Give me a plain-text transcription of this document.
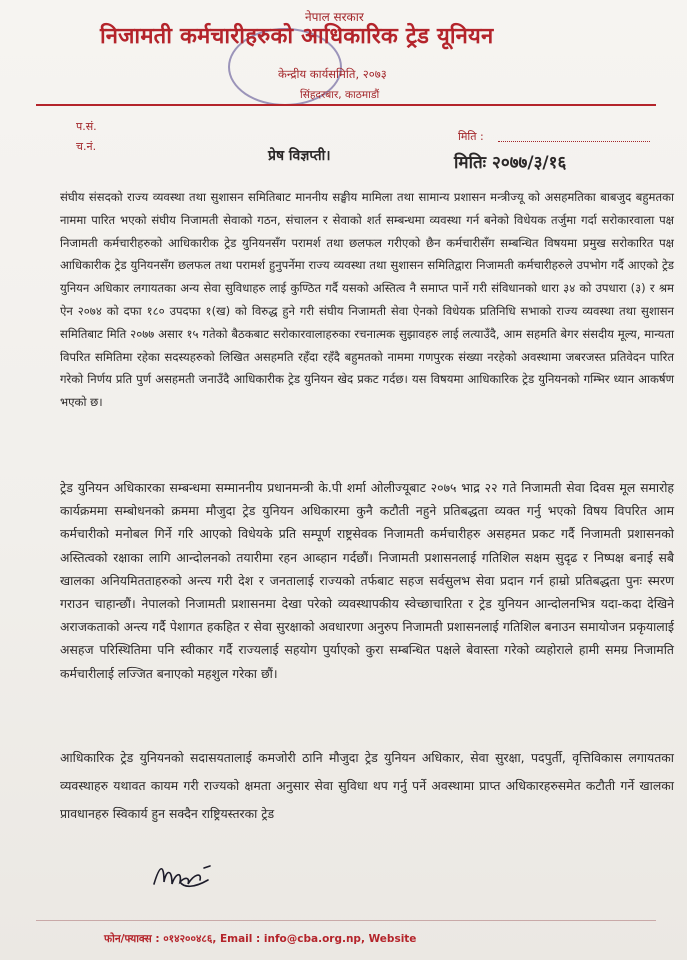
नेपाल सरकार
निजामती कर्मचारीहरुको आधिकारिक ट्रेड यूनियन
केन्द्रीय कार्यसमिति, २०७३
सिंहदरबार, काठमाडौं
प.सं.
च.नं.
मिति :
प्रेष विज्ञप्ती।	मितिः २०७७/३/१६
संघीय संसदको राज्य व्यवस्था तथा सुशासन समितिबाट माननीय सङ्घीय मामिला तथा सामान्य प्रशासन मन्त्रीज्यू को असहमतिका बाबजुद बहुमतका नाममा पारित भएको संघीय निजामती सेवाको गठन, संचालन र सेवाको शर्त सम्बन्धमा व्यवस्था गर्न बनेको विधेयक तर्जुमा गर्दा सरोकारवाला पक्ष निजामती कर्मचारीहरुको आधिकारीक ट्रेड युनियनसँग परामर्श तथा छलफल गरीएको छैन कर्मचारीसँग सम्बन्धित विषयमा प्रमुख सरोकारित पक्ष आधिकारीक ट्रेड युनियनसँग छलफल तथा परामर्श हुनुपर्नेमा राज्य व्यवस्था तथा सुशासन समितिद्वारा निजामती कर्मचारीहरुले उपभोग गर्दै आएको ट्रेड युनियन अधिकार लगायतका अन्य सेवा सुविधाहरु लाई कुण्ठित गर्दै यसको अस्तित्व नै समाप्त पार्ने गरी संविधानको धारा ३४ को उपधारा (३) र श्रम ऐन २०७४ को दफा १८० उपदफा १(ख) को विरुद्ध हुने गरी संघीय निजामती सेवा ऐनको विधेयक प्रतिनिधि सभाको राज्य व्यवस्था तथा सुशासन समितिबाट मिति २०७७ असार १५ गतेको बैठकबाट सरोकारवालाहरुका रचनात्मक सुझावहरु लाई लत्याउँदै, आम सहमति बेगर संसदीय मूल्य, मान्यता विपरित समितिमा रहेका सदस्यहरुको लिखित असहमति रहँदा रहँदै बहुमतको नाममा गणपुरक संख्या नरहेको अवस्थामा जबरजस्त प्रतिवेदन पारित गरेको निर्णय प्रति पुर्ण असहमती जनाउँदै आधिकारीक ट्रेड युनियन खेद प्रकट गर्दछ। यस विषयमा आधिकारिक ट्रेड युनियनको गम्भिर ध्यान आकर्षण भएको छ।
ट्रेड युनियन अधिकारका सम्बन्धमा सम्माननीय प्रधानमन्त्री के.पी शर्मा ओलीज्यूबाट २०७५ भाद्र २२ गते निजामती सेवा दिवस मूल समारोह कार्यक्रममा सम्बोधनको क्रममा मौजुदा ट्रेड युनियन अधिकारमा कुनै कटौती नहुने प्रतिबद्धता व्यक्त गर्नु भएको विषय विपरित आम कर्मचारीको मनोबल गिर्ने गरि आएको विधेयके प्रति सम्पूर्ण राष्ट्रसेवक निजामती कर्मचारीहरु असहमत प्रकट गर्दै निजामती प्रशासनको अस्तित्वको रक्षाका लागि आन्दोलनको तयारीमा रहन आब्हान गर्दछौं। निजामती प्रशासनलाई गतिशिल सक्षम सुदृढ र निष्पक्ष बनाई सबै खालका अनियमितताहरुको अन्त्य गरी देश र जनतालाई राज्यको तर्फबाट सहज सर्वसुलभ सेवा प्रदान गर्न हाम्रो प्रतिबद्धता पुनः स्मरण गराउन चाहान्छौं। नेपालको निजामती प्रशासनमा देखा परेको व्यवस्थापकीय स्वेच्छाचारिता र ट्रेड युनियन आन्दोलनभित्र यदा-कदा देखिने अराजकताको अन्त्य गर्दै पेशागत हकहित र सेवा सुरक्षाको अवधारणा अनुरुप निजामती प्रशासनलाई गतिशिल बनाउन समायोजन प्रकृयालाई असहज परिस्थितिमा पनि स्वीकार गर्दै राज्यलाई सहयोग पुर्याएको कुरा सम्बन्धित पक्षले बेवास्ता गरेको व्यहोराले हामी समग्र निजामति कर्मचारीलाई लज्जित बनाएको महशुल गरेका छौं।
आधिकारिक ट्रेड युनियनको सदासयतालाई कमजोरी ठानि मौजुदा ट्रेड युनियन अधिकार, सेवा सुरक्षा, पदपुर्ती, वृत्तिविकास लगायतका व्यवस्थाहरु यथावत कायम गरी राज्यको क्षमता अनुसार सेवा सुविधा थप गर्नु पर्ने अवस्थामा प्राप्त अधिकारहरुसमेत कटौती गर्ने खालका प्रावधानहरु स्विकार्य हुन सक्दैन राष्ट्रियस्तरका ट्रेड
फोन/फ्याक्स : ०१४२००४८६, Email : info@cba.org.np, Website
